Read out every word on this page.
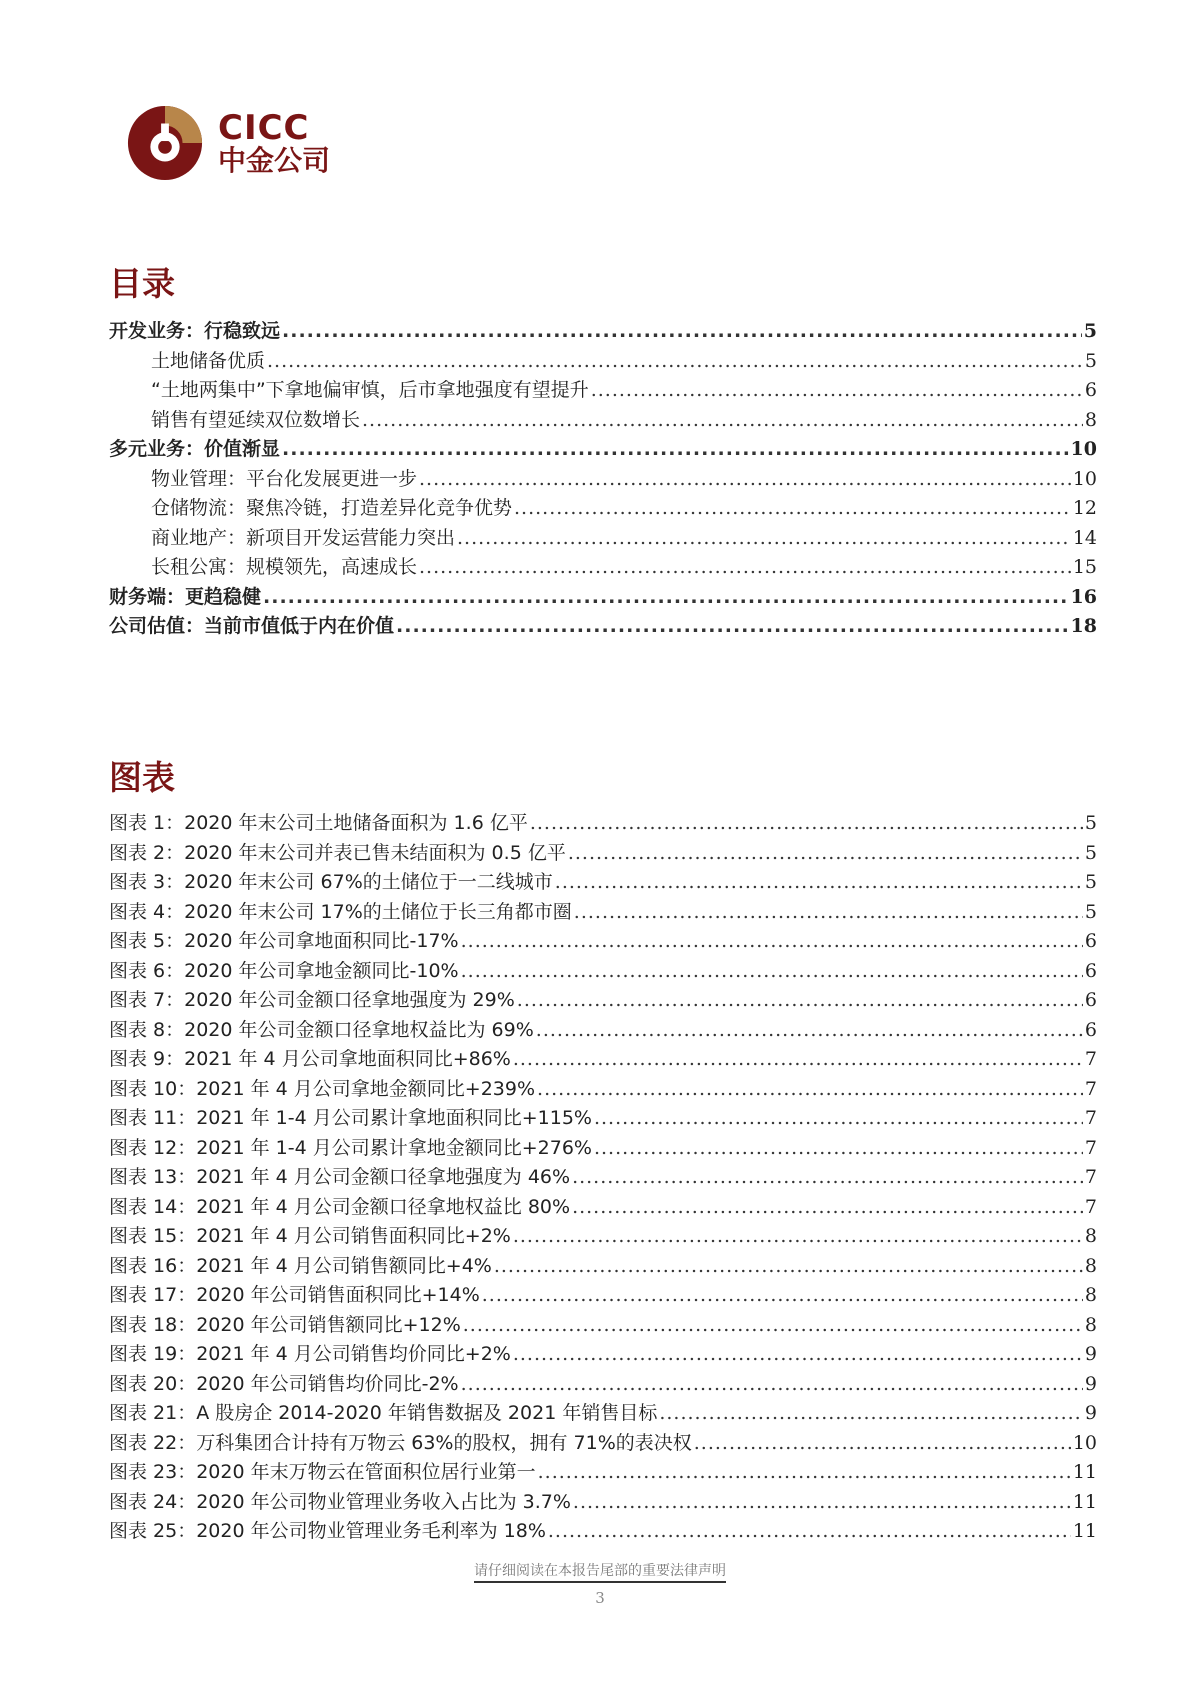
CICC
中金公司
目录
开发业务：行稳致远 .....	5
土地储备优质 .....	5
“土地两集中”下拿地偏审慎，后市拿地强度有望提升 .....	6
销售有望延续双位数增长 .....	8
多元业务：价值渐显 .....	10
物业管理：平台化发展更进一步 .....	10
仓储物流：聚焦冷链，打造差异化竞争优势 .....	12
商业地产：新项目开发运营能力突出 .....	14
长租公寓：规模领先，高速成长 .....	15
财务端：更趋稳健 .....	16
公司估值：当前市值低于内在价值 .....	18
图表
图表 1：2020 年末公司土地储备面积为 1.6 亿平 .....	5
图表 2：2020 年末公司并表已售未结面积为 0.5 亿平 .....	5
图表 3：2020 年末公司 67%的土储位于一二线城市 .....	5
图表 4：2020 年末公司 17%的土储位于长三角都市圈 .....	5
图表 5：2020 年公司拿地面积同比-17% .....	6
图表 6：2020 年公司拿地金额同比-10% .....	6
图表 7：2020 年公司金额口径拿地强度为 29% .....	6
图表 8：2020 年公司金额口径拿地权益比为 69% .....	6
图表 9：2021 年 4 月公司拿地面积同比+86% .....	7
图表 10：2021 年 4 月公司拿地金额同比+239% .....	7
图表 11：2021 年 1-4 月公司累计拿地面积同比+115% .....	7
图表 12：2021 年 1-4 月公司累计拿地金额同比+276% .....	7
图表 13：2021 年 4 月公司金额口径拿地强度为 46% .....	7
图表 14：2021 年 4 月公司金额口径拿地权益比 80% .....	7
图表 15：2021 年 4 月公司销售面积同比+2% .....	8
图表 16：2021 年 4 月公司销售额同比+4% .....	8
图表 17：2020 年公司销售面积同比+14% .....	8
图表 18：2020 年公司销售额同比+12% .....	8
图表 19：2021 年 4 月公司销售均价同比+2% .....	9
图表 20：2020 年公司销售均价同比-2% .....	9
图表 21：A 股房企 2014-2020 年销售数据及 2021 年销售目标 .....	9
图表 22：万科集团合计持有万物云 63%的股权，拥有 71%的表决权 .....	10
图表 23：2020 年末万物云在管面积位居行业第一 .....	11
图表 24：2020 年公司物业管理业务收入占比为 3.7% .....	11
图表 25：2020 年公司物业管理业务毛利率为 18% .....	11
请仔细阅读在本报告尾部的重要法律声明
3
